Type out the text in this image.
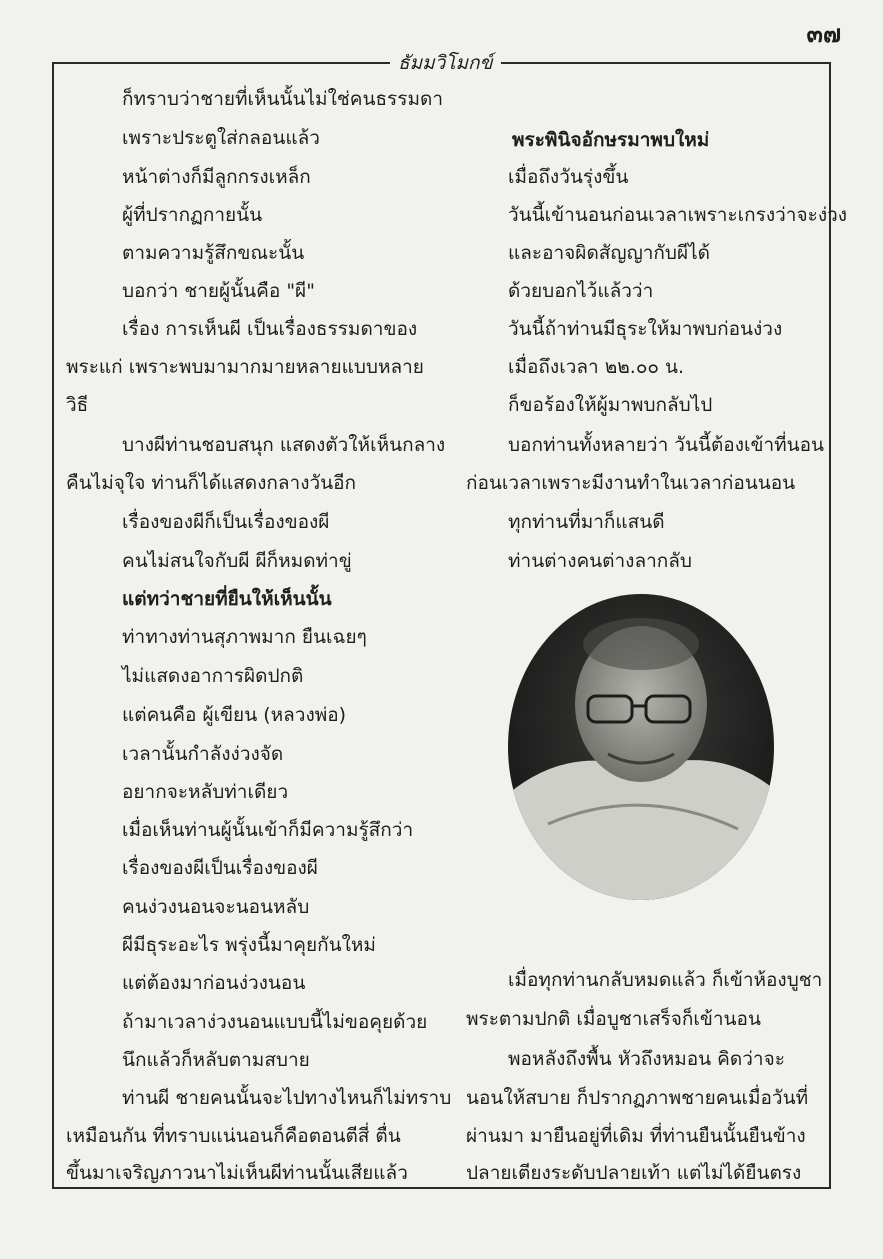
๓๗
ธัมมวิโมกข์
ก็ทราบว่าชายที่เห็นนั้นไม่ใช่คนธรรมดา
เพราะประตูใส่กลอนแล้ว
หน้าต่างก็มีลูกกรงเหล็ก
ผู้ที่ปรากฏกายนั้น
ตามความรู้สึกขณะนั้น
บอกว่า ชายผู้นั้นคือ "ผี"
เรื่อง การเห็นผี เป็นเรื่องธรรมดาของ
พระแก่ เพราะพบมามากมายหลายแบบหลาย
วิธี
บางผีท่านชอบสนุก แสดงตัวให้เห็นกลาง
คืนไม่จุใจ ท่านก็ได้แสดงกลางวันอีก
เรื่องของผีก็เป็นเรื่องของผี
คนไม่สนใจกับผี ผีก็หมดท่าขู่
แต่ทว่าชายที่ยืนให้เห็นนั้น
ท่าทางท่านสุภาพมาก ยืนเฉยๆ
ไม่แสดงอาการผิดปกติ
แต่คนคือ ผู้เขียน (หลวงพ่อ)
เวลานั้นกำลังง่วงจัด
อยากจะหลับท่าเดียว
เมื่อเห็นท่านผู้นั้นเข้าก็มีความรู้สึกว่า
เรื่องของผีเป็นเรื่องของผี
คนง่วงนอนจะนอนหลับ
ผีมีธุระอะไร พรุ่งนี้มาคุยกันใหม่
แต่ต้องมาก่อนง่วงนอน
ถ้ามาเวลาง่วงนอนแบบนี้ไม่ขอคุยด้วย
นึกแล้วก็หลับตามสบาย
ท่านผี ชายคนนั้นจะไปทางไหนก็ไม่ทราบ
เหมือนกัน ที่ทราบแน่นอนก็คือตอนตีสี่ ตื่น
ขึ้นมาเจริญภาวนาไม่เห็นผีท่านนั้นเสียแล้ว
พระพินิจอักษรมาพบใหม่
เมื่อถึงวันรุ่งขึ้น
วันนี้เข้านอนก่อนเวลาเพราะเกรงว่าจะง่วง
และอาจผิดสัญญากับผีได้
ด้วยบอกไว้แล้วว่า
วันนี้ถ้าท่านมีธุระให้มาพบก่อนง่วง
เมื่อถึงเวลา ๒๒.๐๐ น.
ก็ขอร้องให้ผู้มาพบกลับไป
บอกท่านทั้งหลายว่า วันนี้ต้องเข้าที่นอน
ก่อนเวลาเพราะมีงานทำในเวลาก่อนนอน
ทุกท่านที่มาก็แสนดี
ท่านต่างคนต่างลากลับ
เมื่อทุกท่านกลับหมดแล้ว ก็เข้าห้องบูชา
พระตามปกติ เมื่อบูชาเสร็จก็เข้านอน
พอหลังถึงพื้น หัวถึงหมอน คิดว่าจะ
นอนให้สบาย ก็ปรากฏภาพชายคนเมื่อวันที่
ผ่านมา มายืนอยู่ที่เดิม ที่ท่านยืนนั้นยืนข้าง
ปลายเตียงระดับปลายเท้า แต่ไม่ได้ยืนตรง
